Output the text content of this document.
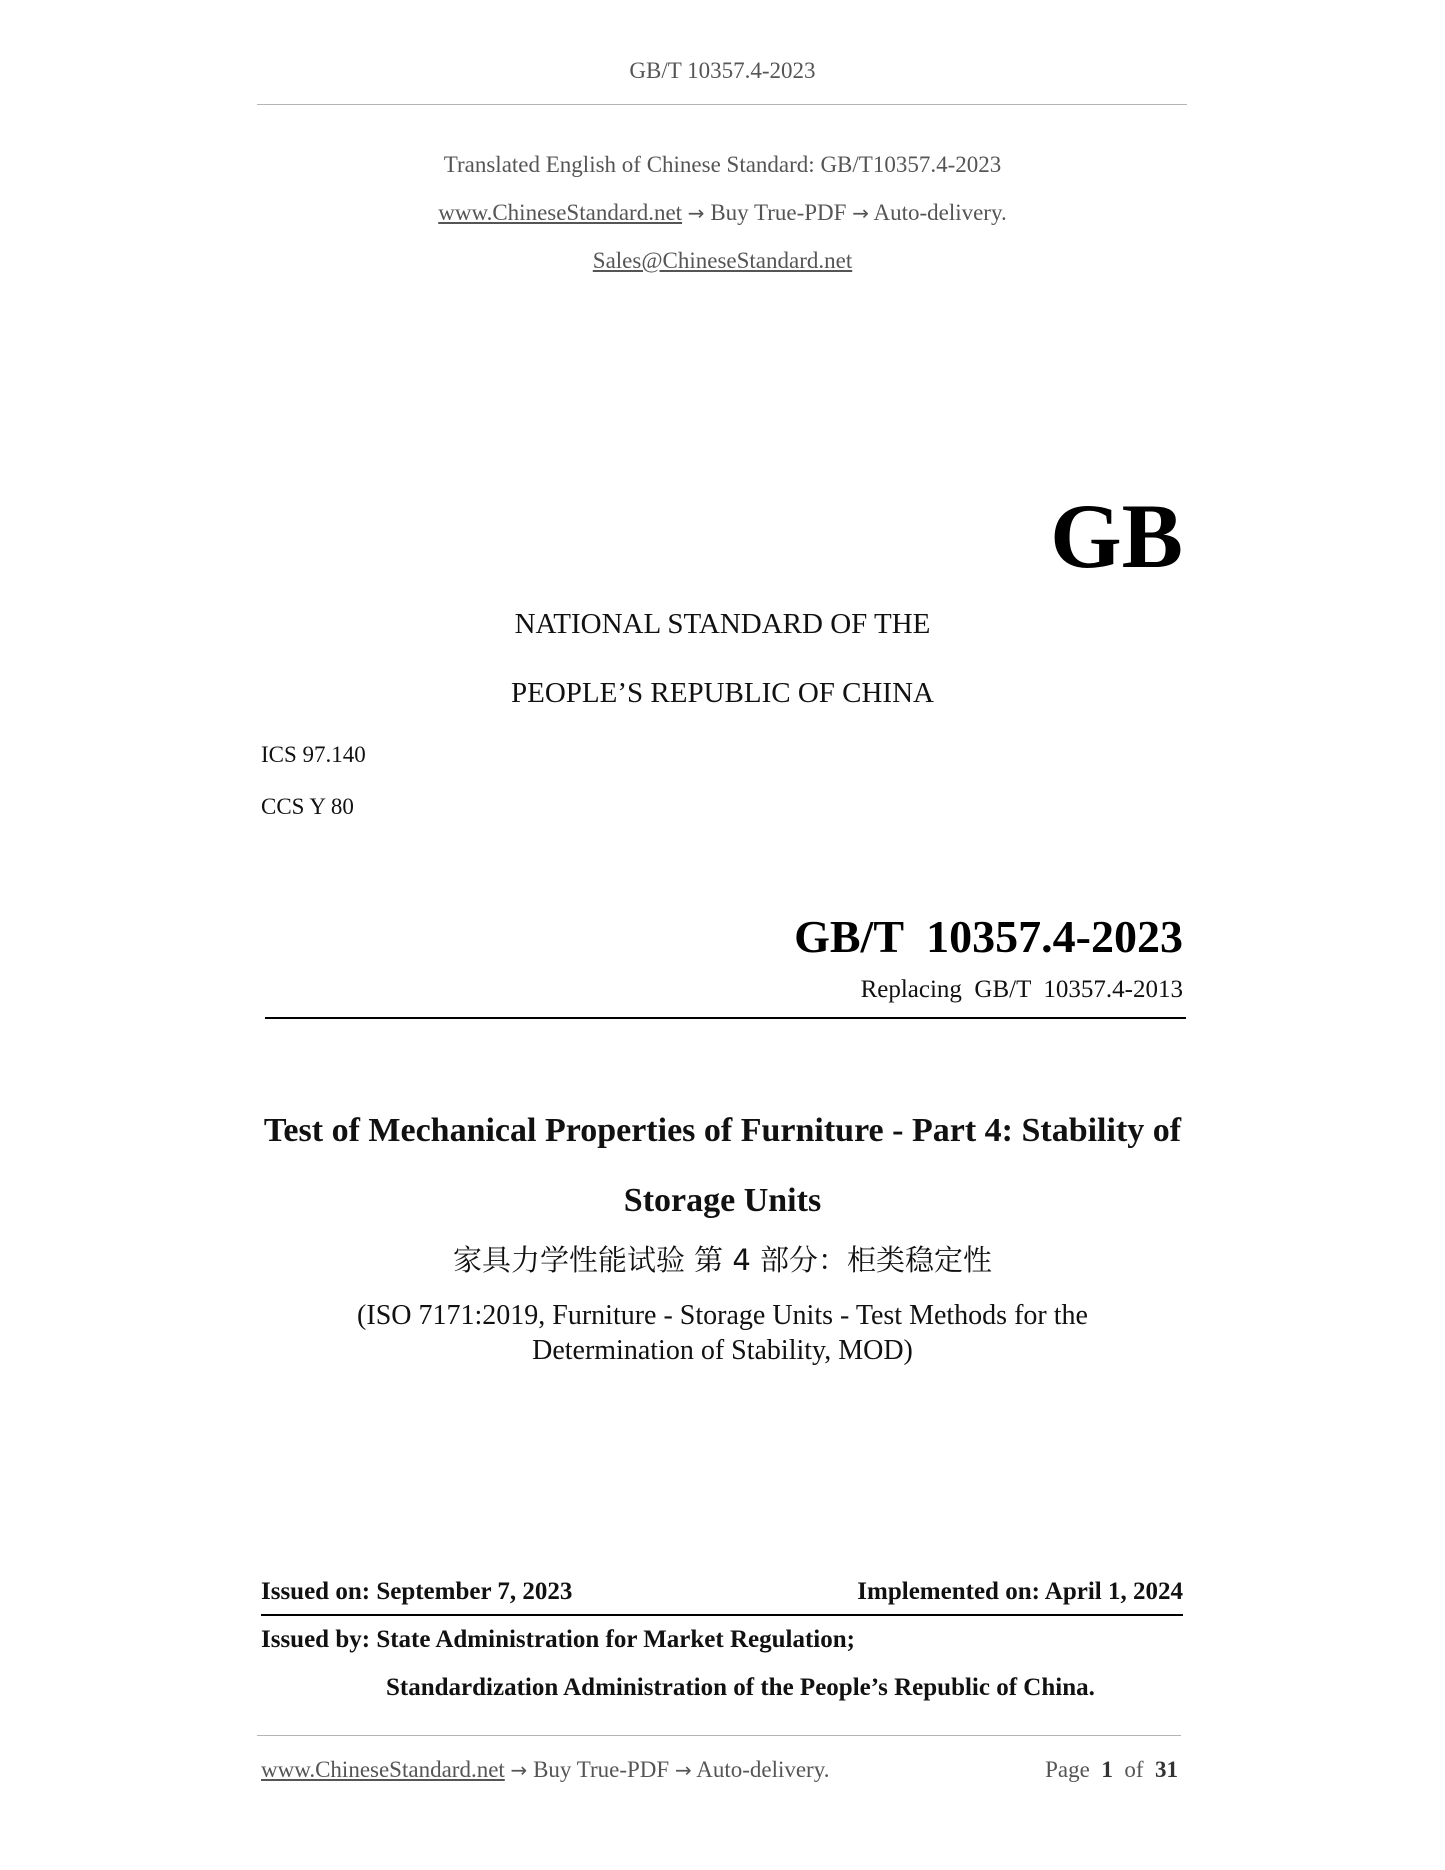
GB/T 10357.4-2023
Translated English of Chinese Standard: GB/T10357.4-2023
www.ChineseStandard.net → Buy True-PDF → Auto-delivery.
Sales@ChineseStandard.net
GB
NATIONAL STANDARD OF THE
PEOPLE’S REPUBLIC OF CHINA
ICS 97.140
CCS Y 80
GB/T  10357.4-2023
Replacing  GB/T  10357.4-2013
Test of Mechanical Properties of Furniture - Part 4: Stability of Storage Units
家具力学性能试验 第 4 部分：柜类稳定性
(ISO 7171:2019, Furniture - Storage Units - Test Methods for the Determination of Stability, MOD)
Issued on: September 7, 2023	Implemented on: April 1, 2024
Issued by: State Administration for Market Regulation;
Standardization Administration of the People’s Republic of China.
www.ChineseStandard.net → Buy True-PDF → Auto-delivery.	Page 1 of 31
